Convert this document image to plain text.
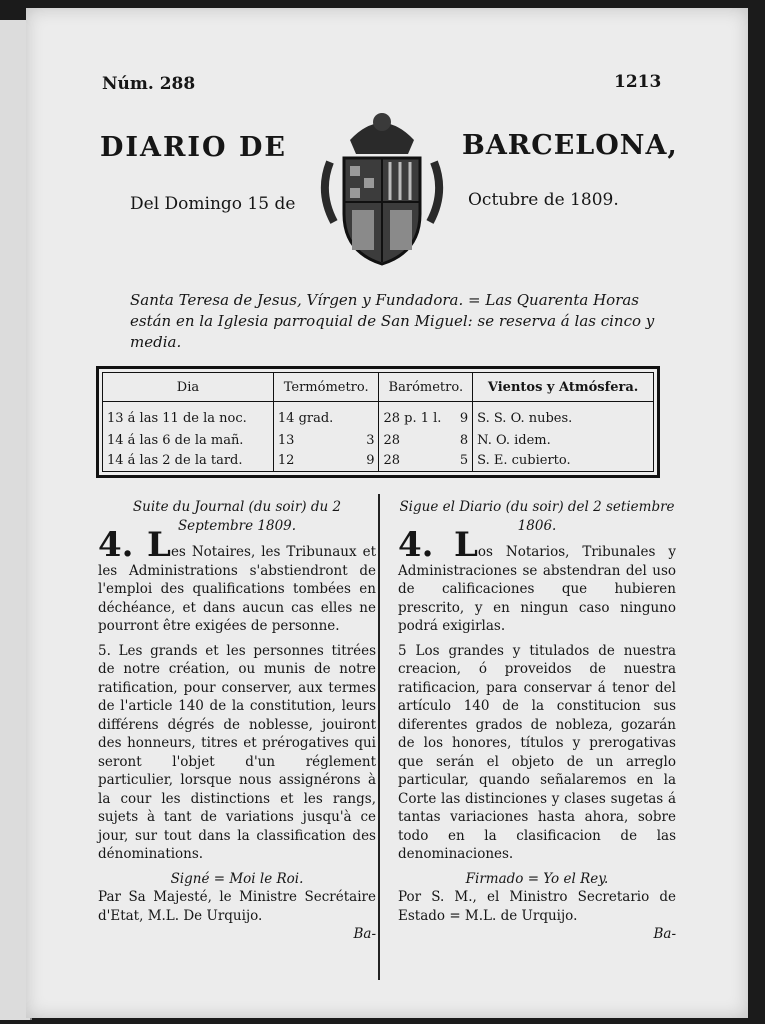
Núm. 288	1213
DIARIO DE	BARCELONA,
Del Domingo 15 de	Octubre de 1809.
Santa Teresa de Jesus, Vírgen y Fundadora. = Las Quarenta Horas están en la Iglesia parroquial de San Miguel: se reserva á las cinco y media.
Dia	Termómetro.	Barómetro.	Vientos y Atmósfera.
13 á las 11 de la noc.	14 grad.	28 p. 1 l. 9	S. S. O. nubes.
14 á las 6 de la mañ.	13 3	28 8	N. O. idem.
14 á las 2 de la tard.	12 9	28 5	S. E. cubierto.

Suite du Journal (du soir) du 2 Septembre 1809.

4. Les Notaires, les Tribunaux et les Administrations s'abstiendront de l'emploi des qualifications tombées en déchéance, et dans aucun cas elles ne pourront être exigées de personne.

5. Les grands et les personnes titrées de notre création, ou munis de notre ratification, pour conserver, aux termes de l'article 140 de la constitution, leurs différens dégrés de noblesse, jouiront des honneurs, titres et prérogatives qui seront l'objet d'un réglement particulier, lorsque nous assignérons à la cour les distinctions et les rangs, sujets à tant de variations jusqu'à ce jour, sur tout dans la classification des dénominations.

Signé = Moi le Roi.

Par Sa Majesté, le Ministre Secrétaire d'Etat, M.L. De Urquijo.

Ba-

Sigue el Diario (du soir) del 2 setiembre 1806.

4. Los Notarios, Tribunales y Administraciones se abstendran del uso de calificaciones que hubieren prescrito, y en ningun caso ninguno podrá exigirlas.

5 Los grandes y titulados de nuestra creacion, ó proveidos de nuestra ratificacion, para conservar á tenor del artículo 140 de la constitucion sus diferentes grados de nobleza, gozarán de los honores, títulos y prerogativas que serán el objeto de un arreglo particular, quando señalaremos en la Corte las distinciones y clases sugetas á tantas variaciones hasta ahora, sobre todo en la clasificacion de las denominaciones.

Firmado = Yo el Rey.

Por S. M., el Ministro Secretario de Estado = M.L. de Urquijo.

Ba-
